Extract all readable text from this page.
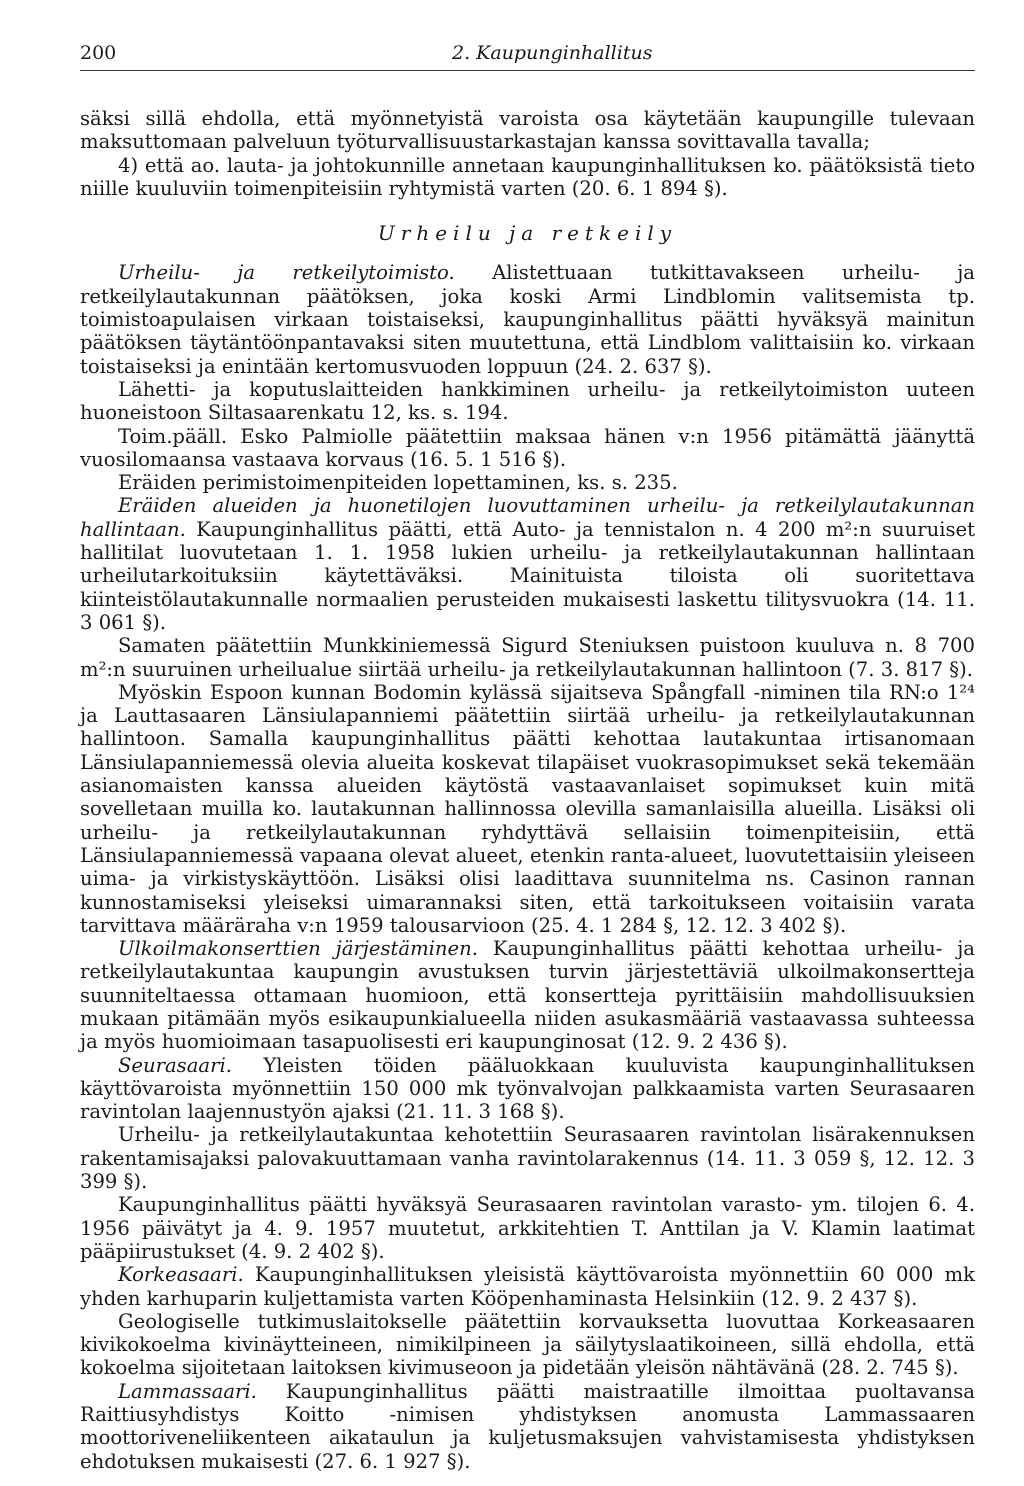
200	2. Kaupunginhallitus

säksi sillä ehdolla, että myönnetyistä varoista osa käytetään kaupungille tulevaan maksuttomaan palveluun työturvallisuustarkastajan kanssa sovittavalla tavalla;

4) että ao. lauta- ja johtokunnille annetaan kaupunginhallituksen ko. päätöksistä tieto niille kuuluviin toimenpiteisiin ryhtymistä varten (20. 6. 1 894 §).

Urheilu ja retkeily

Urheilu- ja retkeilytoimisto. Alistettuaan tutkittavakseen urheilu- ja retkeilylautakunnan päätöksen, joka koski Armi Lindblomin valitsemista tp. toimistoapulaisen virkaan toistaiseksi, kaupunginhallitus päätti hyväksyä mainitun päätöksen täytäntöönpantavaksi siten muutettuna, että Lindblom valittaisiin ko. virkaan toistaiseksi ja enintään kertomusvuoden loppuun (24. 2. 637 §).

Lähetti- ja koputuslaitteiden hankkiminen urheilu- ja retkeilytoimiston uuteen huoneistoon Siltasaarenkatu 12, ks. s. 194.

Toim.pääll. Esko Palmiolle päätettiin maksaa hänen v:n 1956 pitämättä jäänyttä vuosilomaansa vastaava korvaus (16. 5. 1 516 §).

Eräiden perimistoimenpiteiden lopettaminen, ks. s. 235.

Eräiden alueiden ja huonetilojen luovuttaminen urheilu- ja retkeilylautakunnan hallintaan. Kaupunginhallitus päätti, että Auto- ja tennistalon n. 4 200 m²:n suuruiset hallitilat luovutetaan 1. 1. 1958 lukien urheilu- ja retkeilylautakunnan hallintaan urheilutarkoituksiin käytettäväksi. Mainituista tiloista oli suoritettava kiinteistölautakunnalle normaalien perusteiden mukaisesti laskettu tilitysvuokra (14. 11. 3 061 §).

Samaten päätettiin Munkkiniemessä Sigurd Steniuksen puistoon kuuluva n. 8 700 m²:n suuruinen urheilualue siirtää urheilu- ja retkeilylautakunnan hallintoon (7. 3. 817 §).

Myöskin Espoon kunnan Bodomin kylässä sijaitseva Spångfall -niminen tila RN:o 1²⁴ ja Lauttasaaren Länsiulapanniemi päätettiin siirtää urheilu- ja retkeilylautakunnan hallintoon. Samalla kaupunginhallitus päätti kehottaa lautakuntaa irtisanomaan Länsiulapanniemessä olevia alueita koskevat tilapäiset vuokrasopimukset sekä tekemään asianomaisten kanssa alueiden käytöstä vastaavanlaiset sopimukset kuin mitä sovelletaan muilla ko. lautakunnan hallinnossa olevilla samanlaisilla alueilla. Lisäksi oli urheilu- ja retkeilylautakunnan ryhdyttävä sellaisiin toimenpiteisiin, että Länsiulapanniemessä vapaana olevat alueet, etenkin ranta-alueet, luovutettaisiin yleiseen uima- ja virkistyskäyttöön. Lisäksi olisi laadittava suunnitelma ns. Casinon rannan kunnostamiseksi yleiseksi uimarannaksi siten, että tarkoitukseen voitaisiin varata tarvittava määräraha v:n 1959 talousarvioon (25. 4. 1 284 §, 12. 12. 3 402 §).

Ulkoilmakonserttien järjestäminen. Kaupunginhallitus päätti kehottaa urheilu- ja retkeilylautakuntaa kaupungin avustuksen turvin järjestettäviä ulkoilmakonsertteja suunniteltaessa ottamaan huomioon, että konsertteja pyrittäisiin mahdollisuuksien mukaan pitämään myös esikaupunkialueella niiden asukasmääriä vastaavassa suhteessa ja myös huomioimaan tasapuolisesti eri kaupunginosat (12. 9. 2 436 §).

Seurasaari. Yleisten töiden pääluokkaan kuuluvista kaupunginhallituksen käyttövaroista myönnettiin 150 000 mk työnvalvojan palkkaamista varten Seurasaaren ravintolan laajennustyön ajaksi (21. 11. 3 168 §).

Urheilu- ja retkeilylautakuntaa kehotettiin Seurasaaren ravintolan lisärakennuksen rakentamisajaksi palovakuuttamaan vanha ravintolarakennus (14. 11. 3 059 §, 12. 12. 3 399 §).

Kaupunginhallitus päätti hyväksyä Seurasaaren ravintolan varasto- ym. tilojen 6. 4. 1956 päivätyt ja 4. 9. 1957 muutetut, arkkitehtien T. Anttilan ja V. Klamin laatimat pääpiirustukset (4. 9. 2 402 §).

Korkeasaari. Kaupunginhallituksen yleisistä käyttövaroista myönnettiin 60 000 mk yhden karhuparin kuljettamista varten Kööpenhaminasta Helsinkiin (12. 9. 2 437 §).

Geologiselle tutkimuslaitokselle päätettiin korvauksetta luovuttaa Korkeasaaren kivikokoelma kivinäytteineen, nimikilpineen ja säilytyslaatikoineen, sillä ehdolla, että kokoelma sijoitetaan laitoksen kivimuseoon ja pidetään yleisön nähtävänä (28. 2. 745 §).

Lammassaari. Kaupunginhallitus päätti maistraatille ilmoittaa puoltavansa Raittiusyhdistys Koitto -nimisen yhdistyksen anomusta Lammassaaren moottoriveneliikenteen aikataulun ja kuljetusmaksujen vahvistamisesta yhdistyksen ehdotuksen mukaisesti (27. 6. 1 927 §).
